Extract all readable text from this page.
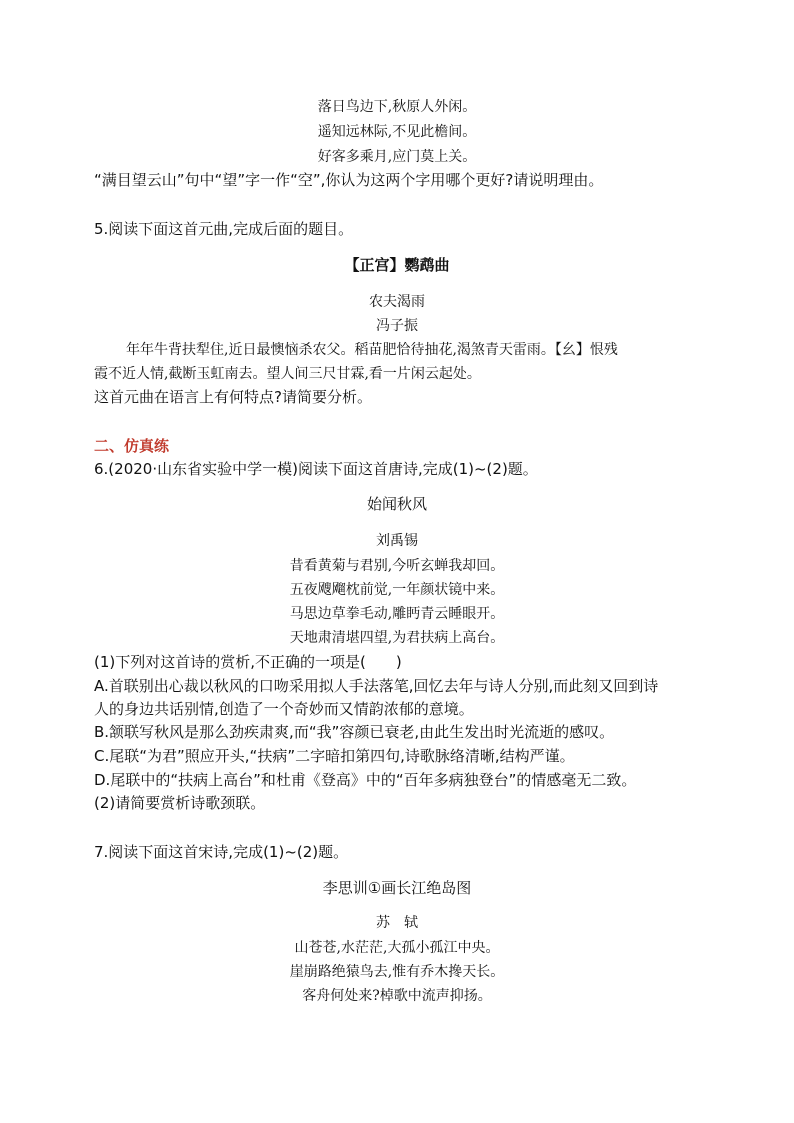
落日鸟边下,秋原人外闲。
遥知远林际,不见此檐间。
好客多乘月,应门莫上关。
“满目望云山”句中“望”字一作“空”,你认为这两个字用哪个更好?请说明理由。
5.阅读下面这首元曲,完成后面的题目。
【正宫】鹦鹉曲
农夫渴雨
冯子振
年年牛背扶犁住,近日最懊恼杀农父。稻苗肥恰待抽花,渴煞青天雷雨。【幺】恨残
霞不近人情,截断玉虹南去。望人间三尺甘霖,看一片闲云起处。
这首元曲在语言上有何特点?请简要分析。
二、仿真练
6.(2020·山东省实验中学一模)阅读下面这首唐诗,完成(1)~(2)题。
始闻秋风
刘禹锡
昔看黄菊与君别,今听玄蝉我却回。
五夜飕飗枕前觉,一年颜状镜中来。
马思边草拳毛动,雕眄青云睡眼开。
天地肃清堪四望,为君扶病上高台。
(1)下列对这首诗的赏析,不正确的一项是(　　)
A.首联别出心裁以秋风的口吻采用拟人手法落笔,回忆去年与诗人分别,而此刻又回到诗
人的身边共话别情,创造了一个奇妙而又情韵浓郁的意境。
B.颔联写秋风是那么劲疾肃爽,而“我”容颜已衰老,由此生发出时光流逝的感叹。
C.尾联“为君”照应开头,“扶病”二字暗扣第四句,诗歌脉络清晰,结构严谨。
D.尾联中的“扶病上高台”和杜甫《登高》中的“百年多病独登台”的情感毫无二致。
(2)请简要赏析诗歌颈联。
7.阅读下面这首宋诗,完成(1)~(2)题。
李思训①画长江绝岛图
苏　轼
山苍苍,水茫茫,大孤小孤江中央。
崖崩路绝猿鸟去,惟有乔木搀天长。
客舟何处来?棹歌中流声抑扬。
